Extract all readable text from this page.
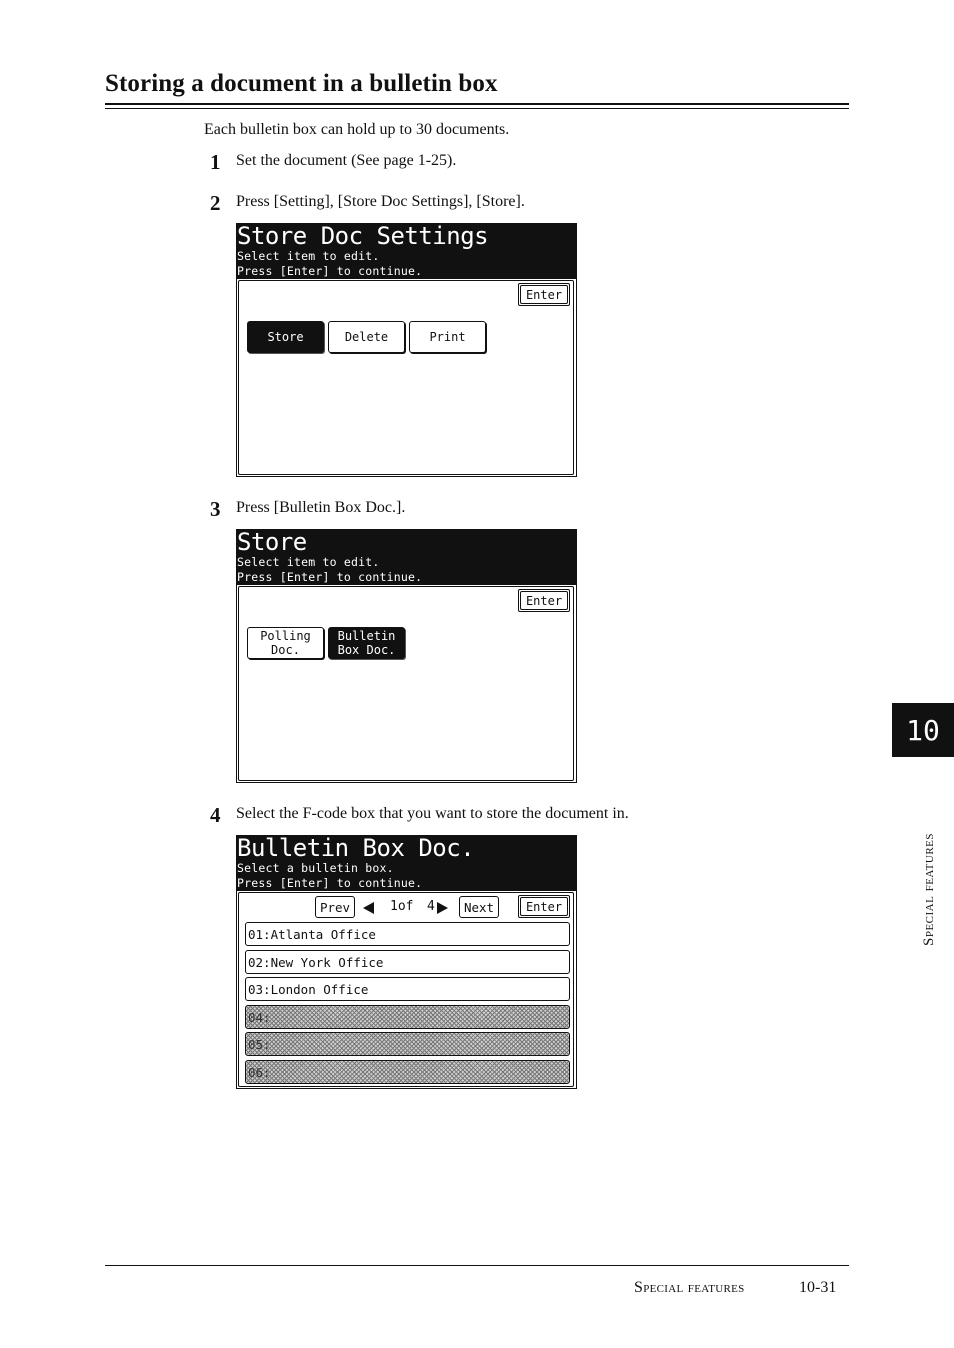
Storing a document in a bulletin box
Each bulletin box can hold up to 30 documents.
1 Set the document (See page 1-25).
2 Press [Setting], [Store Doc Settings], [Store].
Store Doc Settings
Select item to edit.
Press [Enter] to continue.
Enter
Store	Delete	Print
3 Press [Bulletin Box Doc.].
Store
Select item to edit.
Press [Enter] to continue.
Enter
Polling
Doc.
Bulletin
Box Doc.
4 Select the F-code box that you want to store the document in.
Bulletin Box Doc.
Select a bulletin box.
Press [Enter] to continue.
Prev	1of 4	Next	Enter
01:Atlanta Office
02:New York Office
03:London Office
04:
05:
06:
10
Special features
Special features	10-31
